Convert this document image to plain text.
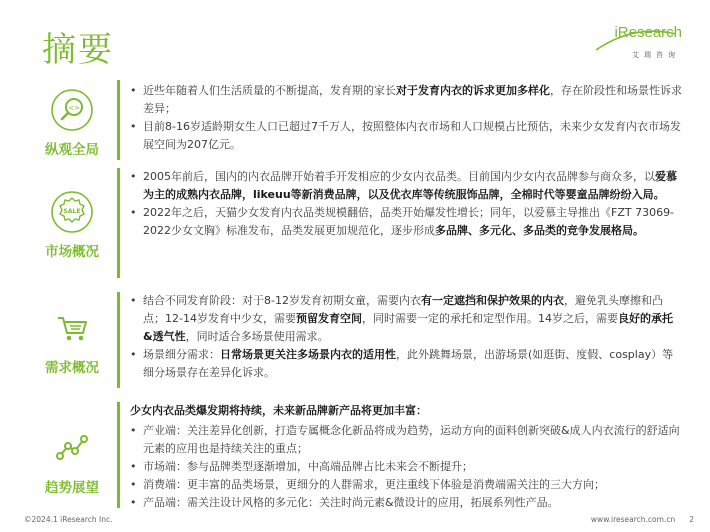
摘要	iResearch
艾瑞咨询
<>
纵观全局
• 近些年随着人们生活质量的不断提高，发育期的家长对于发育内衣的诉求更加多样化，存在阶段性和场景性诉求差异；
• 目前8-16岁适龄期女生人口已超过7千万人，按照整体内衣市场和人口规模占比预估，未来少女发育内衣市场发展空间为207亿元。
SALE
市场概况
• 2005年前后，国内的内衣品牌开始着手开发相应的少女内衣品类。目前国内少女内衣品牌参与商众多，以爱慕为主的成熟内衣品牌，likeuu等新消费品牌，以及优衣库等传统服饰品牌，全棉时代等婴童品牌纷纷入局。
• 2022年之后，天猫少女发育内衣品类规模翻倍，品类开始爆发性增长；同年，以爱慕主导推出《FZT 73069-2022少女文胸》标准发布，品类发展更加规范化，逐步形成多品牌、多元化、多品类的竞争发展格局。
需求概况
• 结合不同发育阶段：对于8-12岁发育初期女童，需要内衣有一定遮挡和保护效果的内衣，避免乳头摩擦和凸点；12-14岁发育中少女，需要预留发育空间，同时需要一定的承托和定型作用。14岁之后，需要良好的承托&透气性，同时适合多场景使用需求。
• 场景细分需求：日常场景更关注多场景内衣的适用性，此外跳舞场景，出游场景(如逛街、度假、cosplay）等细分场景存在差异化诉求。
趋势展望
少女内衣品类爆发期将持续，未来新品牌新产品将更加丰富：
• 产业端：关注差异化创新，打造专属概念化新品将成为趋势，运动方向的面料创新突破&成人内衣流行的舒适向元素的应用也是持续关注的重点；
• 市场端：参与品牌类型逐渐增加，中高端品牌占比未来会不断提升；
• 消费端：更丰富的品类场景，更细分的人群需求，更注重线下体验是消费端需关注的三大方向；
• 产品端：需关注设计风格的多元化：关注时尚元素&微设计的应用，拓展系列性产品。
©2024.1 iResearch Inc.	www.iresearch.com.cn 2
